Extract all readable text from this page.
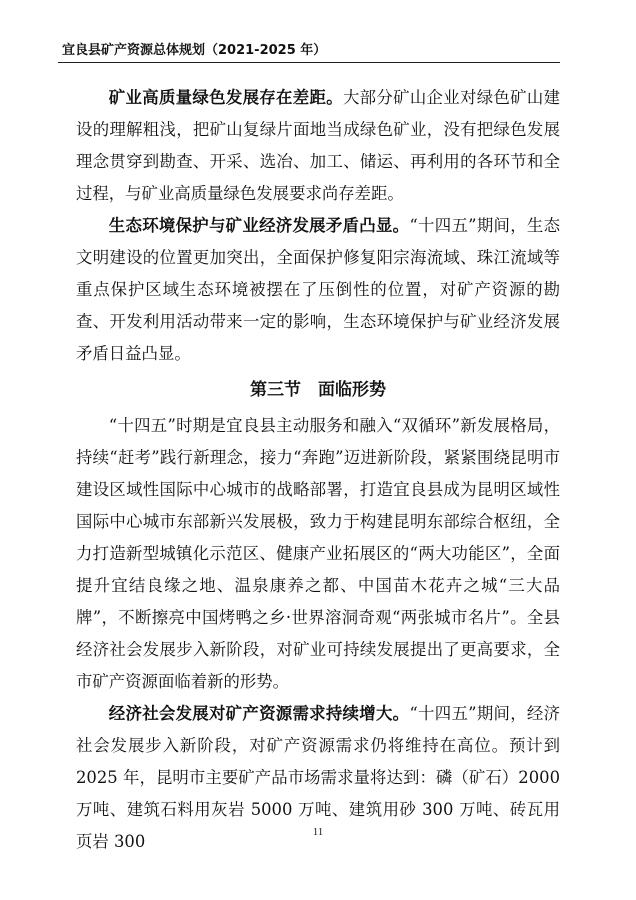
宜良县矿产资源总体规划（2021-2025 年）

矿业高质量绿色发展存在差距。大部分矿山企业对绿色矿山建设的理解粗浅，把矿山复绿片面地当成绿色矿业，没有把绿色发展理念贯穿到勘查、开采、选冶、加工、储运、再利用的各环节和全过程，与矿业高质量绿色发展要求尚存差距。

生态环境保护与矿业经济发展矛盾凸显。“十四五”期间，生态文明建设的位置更加突出，全面保护修复阳宗海流域、珠江流域等重点保护区域生态环境被摆在了压倒性的位置，对矿产资源的勘查、开发利用活动带来一定的影响，生态环境保护与矿业经济发展矛盾日益凸显。

第三节　面临形势

“十四五”时期是宜良县主动服务和融入“双循环”新发展格局，持续“赶考”践行新理念，接力“奔跑”迈进新阶段，紧紧围绕昆明市建设区域性国际中心城市的战略部署，打造宜良县成为昆明区域性国际中心城市东部新兴发展极，致力于构建昆明东部综合枢纽，全力打造新型城镇化示范区、健康产业拓展区的“两大功能区”，全面提升宜结良缘之地、温泉康养之都、中国苗木花卉之城“三大品牌”，不断擦亮中国烤鸭之乡·世界溶洞奇观“两张城市名片”。全县经济社会发展步入新阶段，对矿业可持续发展提出了更高要求，全市矿产资源面临着新的形势。

经济社会发展对矿产资源需求持续增大。“十四五”期间，经济社会发展步入新阶段，对矿产资源需求仍将维持在高位。预计到 2025 年，昆明市主要矿产品市场需求量将达到：磷（矿石）2000 万吨、建筑石料用灰岩 5000 万吨、建筑用砂 300 万吨、砖瓦用页岩 300	11
